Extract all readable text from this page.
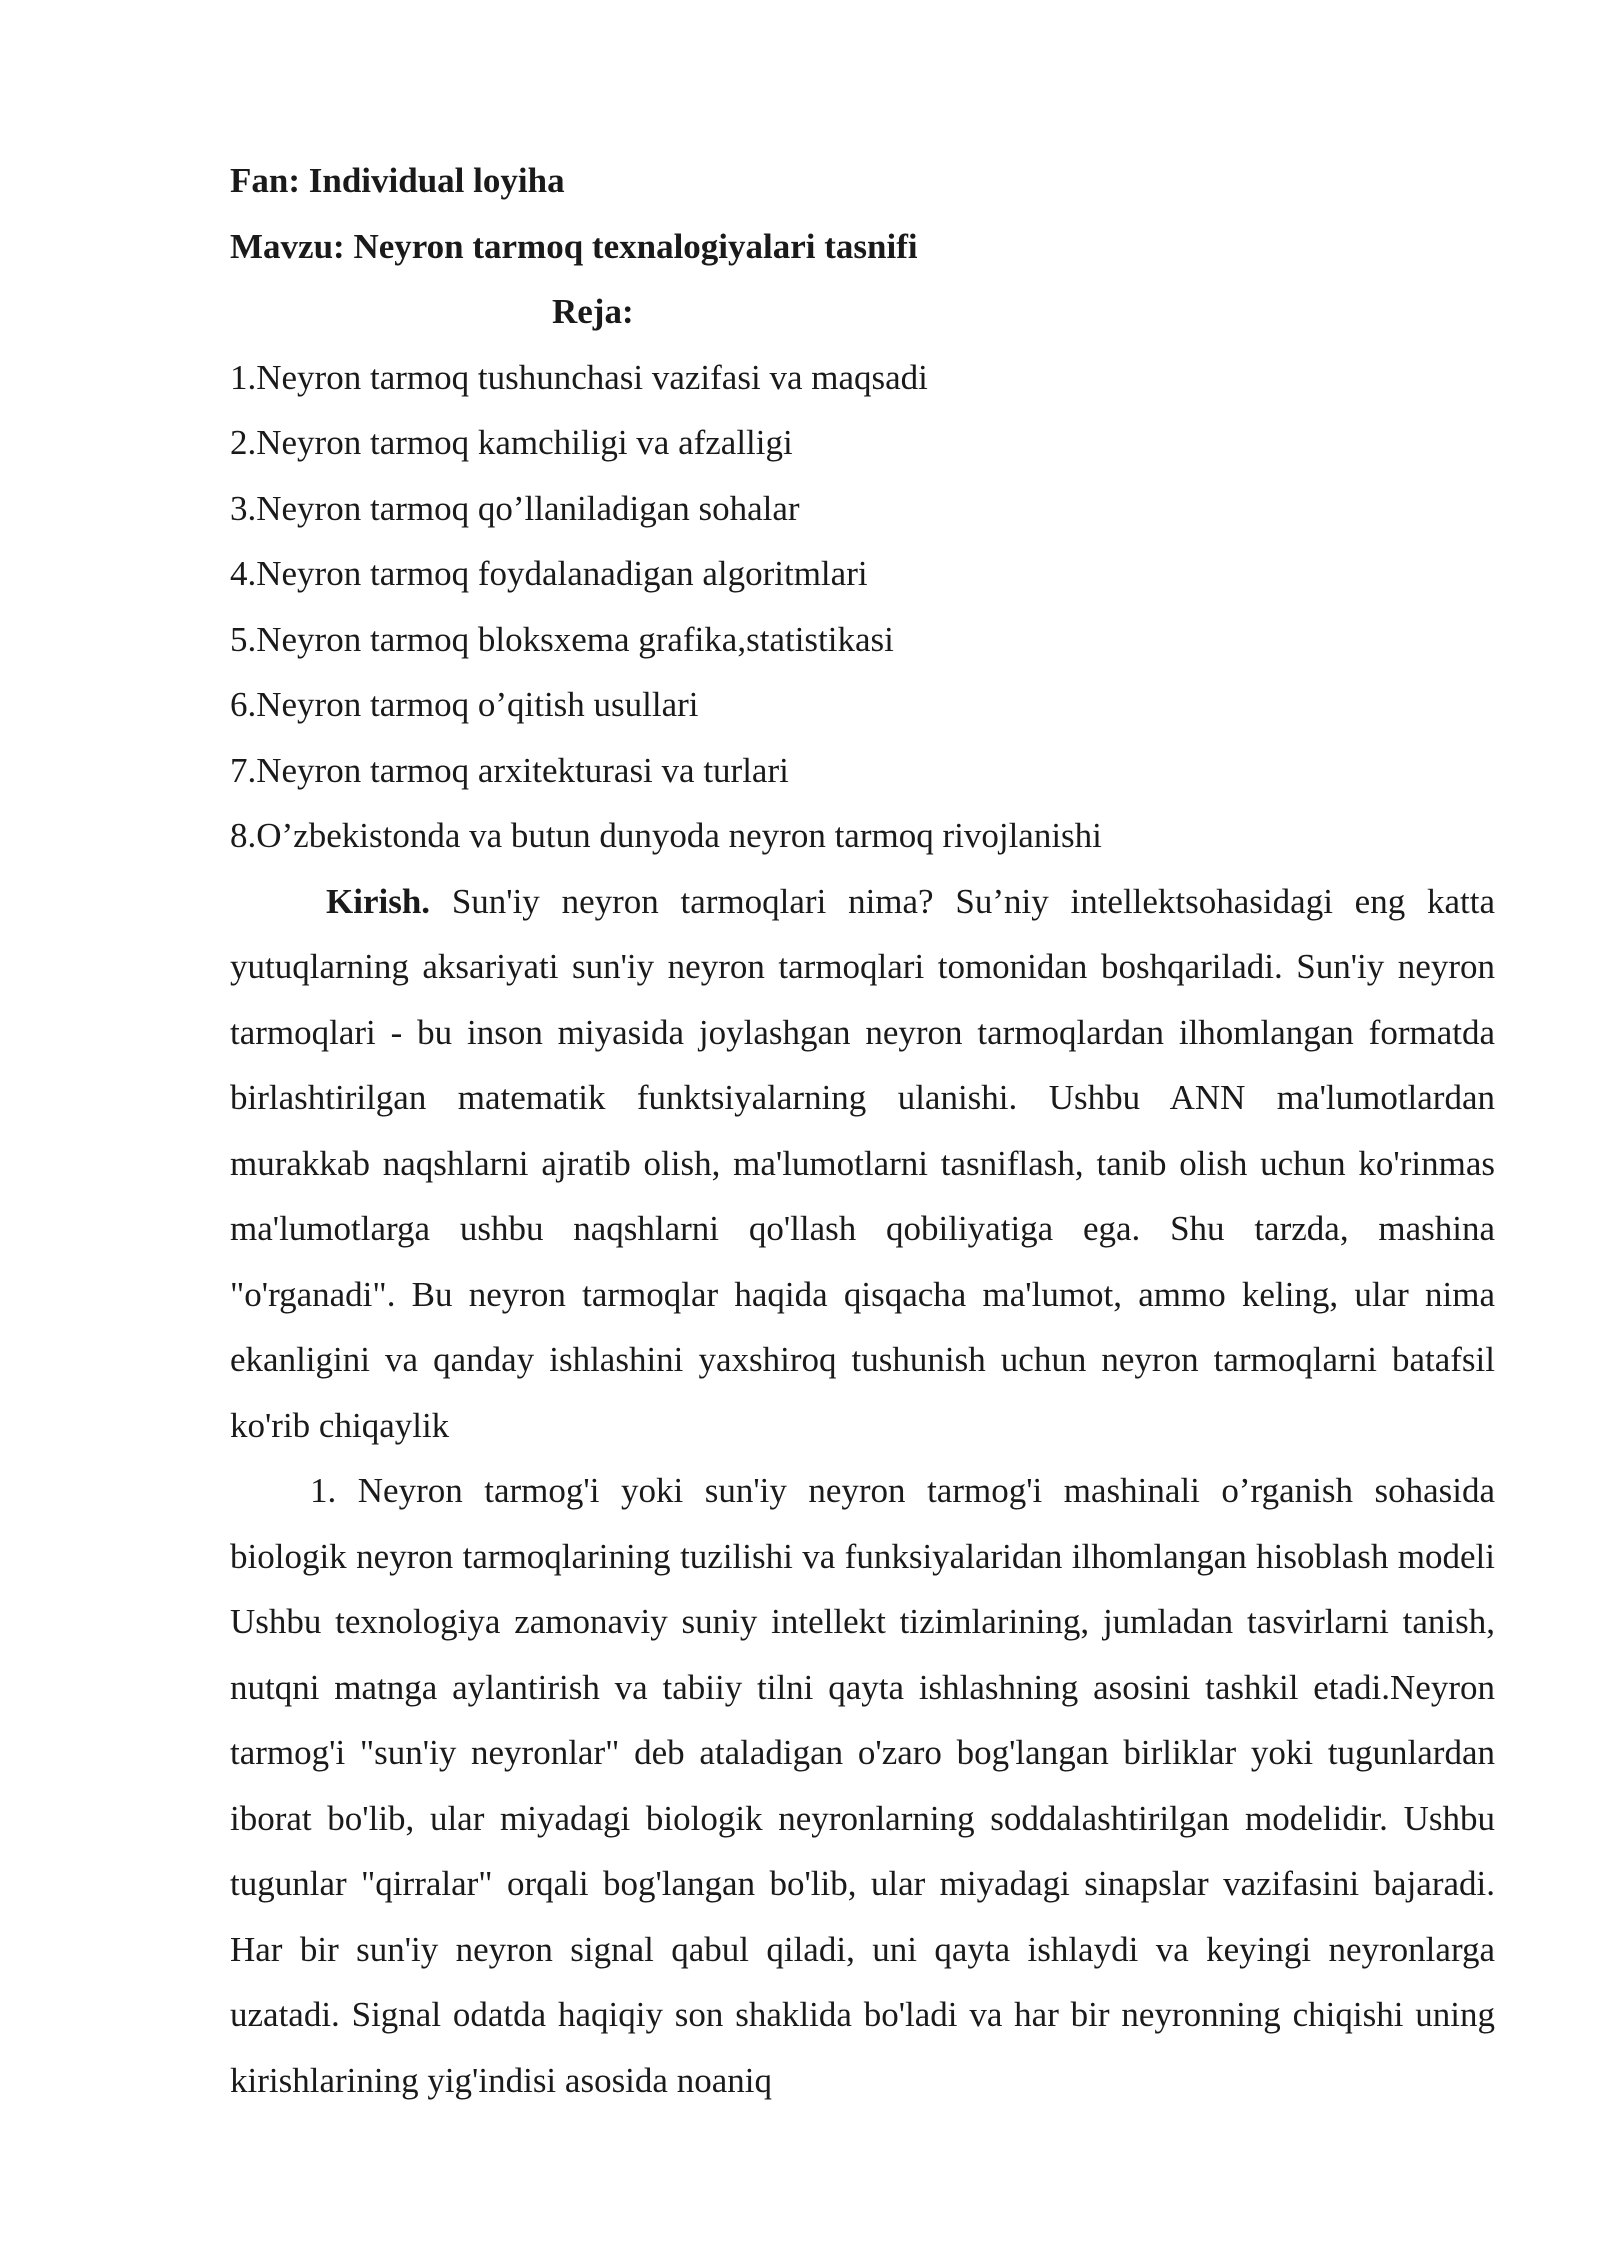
Fan: Individual loyiha
Mavzu: Neyron tarmoq texnalogiyalari tasnifi
Reja:
1.Neyron tarmoq tushunchasi vazifasi va maqsadi
2.Neyron tarmoq kamchiligi va afzalligi
3.Neyron tarmoq qo’llaniladigan sohalar
4.Neyron tarmoq foydalanadigan algoritmlari
5.Neyron tarmoq bloksxema grafika,statistikasi
6.Neyron tarmoq o’qitish usullari
7.Neyron tarmoq arxitekturasi va turlari
8.O’zbekistonda va butun dunyoda neyron tarmoq rivojlanishi

Kirish. Sun'iy neyron tarmoqlari nima? Su’niy intellektsohasidagi eng katta yutuqlarning aksariyati sun'iy neyron tarmoqlari tomonidan boshqariladi. Sun'iy neyron tarmoqlari - bu inson miyasida joylashgan neyron tarmoqlardan ilhomlangan formatda birlashtirilgan matematik funktsiyalarning ulanishi. Ushbu ANN ma'lumotlardan murakkab naqshlarni ajratib olish, ma'lumotlarni tasniflash, tanib olish uchun ko'rinmas ma'lumotlarga ushbu naqshlarni qo'llash qobiliyatiga ega. Shu tarzda, mashina "o'rganadi". Bu neyron tarmoqlar haqida qisqacha ma'lumot, ammo keling, ular nima ekanligini va qanday ishlashini yaxshiroq tushunish uchun neyron tarmoqlarni batafsil ko'rib chiqaylik

1. Neyron tarmog'i yoki sun'iy neyron tarmog'i mashinali o’rganish sohasida biologik neyron tarmoqlarining tuzilishi va funksiyalaridan ilhomlangan hisoblash modeli Ushbu texnologiya zamonaviy suniy intellekt tizimlarining, jumladan tasvirlarni tanish, nutqni matnga aylantirish va tabiiy tilni qayta ishlashning asosini tashkil etadi.Neyron tarmog'i "sun'iy neyronlar" deb ataladigan o'zaro bog'langan birliklar yoki tugunlardan iborat bo'lib, ular miyadagi biologik neyronlarning soddalashtirilgan modelidir. Ushbu tugunlar "qirralar" orqali bog'langan bo'lib, ular miyadagi sinapslar vazifasini bajaradi. Har bir sun'iy neyron signal qabul qiladi, uni qayta ishlaydi va keyingi neyronlarga uzatadi. Signal odatda haqiqiy son shaklida bo'ladi va har bir neyronning chiqishi uning kirishlarining yig'indisi asosida noaniq
